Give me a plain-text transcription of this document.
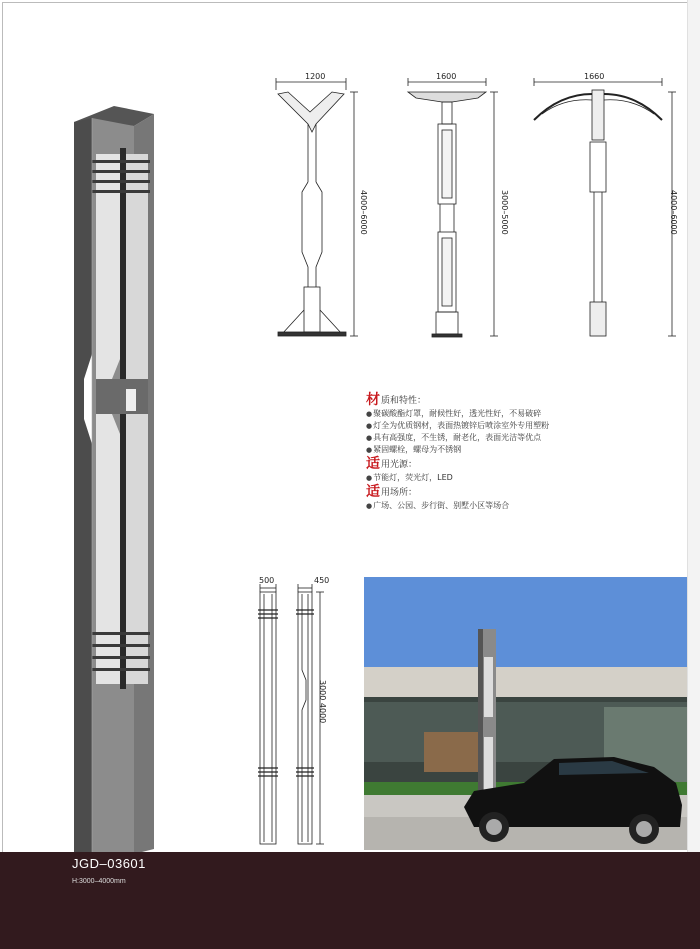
1200
4000–6000
1600
3000–5000
1660
4000–6000

材质和特性：

● 聚碳酸酯灯罩，耐候性好，透光性好，不易破碎

● 灯全为优质钢材，表面热镀锌后喷涂室外专用塑粉

● 具有高强度，不生锈，耐老化，表面光洁等优点

● 紧固螺栓，螺母为不锈钢

适用光源：

● 节能灯，荧光灯，LED

适用场所：

● 广场、公园、步行街、别墅小区等场合

500	450
3000 4000
JGD–03601
H:3000–4000mm
